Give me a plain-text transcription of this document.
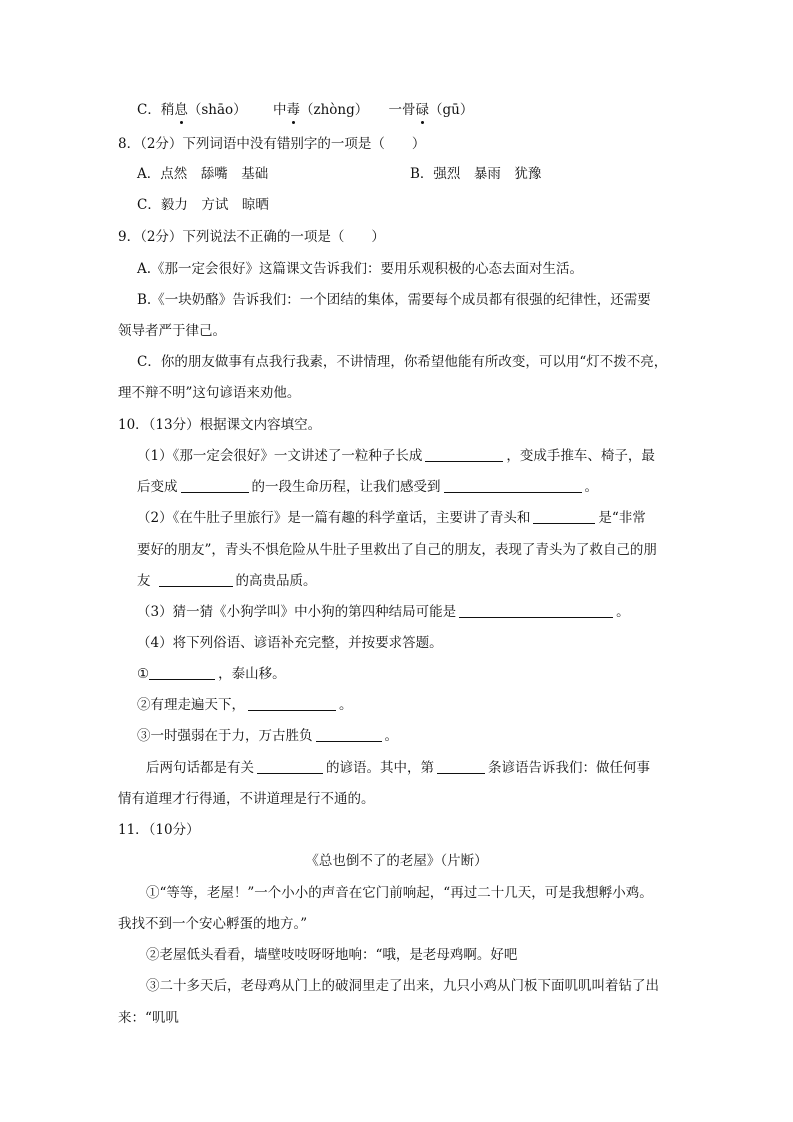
C．稍息（shāo） 中毒（zhòng） 一骨碌（gū）
8．（2分）下列词语中没有错别字的一项是（　　）
A．点然　舔嘴　基础	B．强烈　暴雨　犹豫
C．毅力　方试　晾晒
9．（2分）下列说法不正确的一项是（　　）
A.《那一定会很好》这篇课文告诉我们：要用乐观积极的心态去面对生活。
B.《一块奶酪》告诉我们：一个团结的集体，需要每个成员都有很强的纪律性，还需要
领导者严于律己。
C．你的朋友做事有点我行我素，不讲情理，你希望他能有所改变，可以用“灯不拨不亮，
理不辩不明”这句谚语来劝他。
10．（13分）根据课文内容填空。
（1）《那一定会很好》一文讲述了一粒种子长成	，变成手推车、椅子，最
后变成	的一段生命历程，让我们感受到	。
（2）《在牛肚子里旅行》是一篇有趣的科学童话，主要讲了青头和	是“非常
要好的朋友”，青头不惧危险从牛肚子里救出了自己的朋友，表现了青头为了救自己的朋
友	的高贵品质。
（3）猜一猜《小狗学叫》中小狗的第四种结局可能是	。
（4）将下列俗语、谚语补充完整，并按要求答题。
①	，泰山移。
②有理走遍天下，	。
③一时强弱在于力，万古胜负	。
后两句话都是有关	的谚语。其中，第	条谚语告诉我们：做任何事
情有道理才行得通，不讲道理是行不通的。
11．（10分）
《总也倒不了的老屋》（片断）
①“等等，老屋！”一个小小的声音在它门前响起，“再过二十几天，可是我想孵小鸡。
我找不到一个安心孵蛋的地方。”
②老屋低头看看，墙壁吱吱呀呀地响：“哦，是老母鸡啊。好吧
③二十多天后，老母鸡从门上的破洞里走了出来，九只小鸡从门板下面叽叽叫着钻了出
来：“叽叽
